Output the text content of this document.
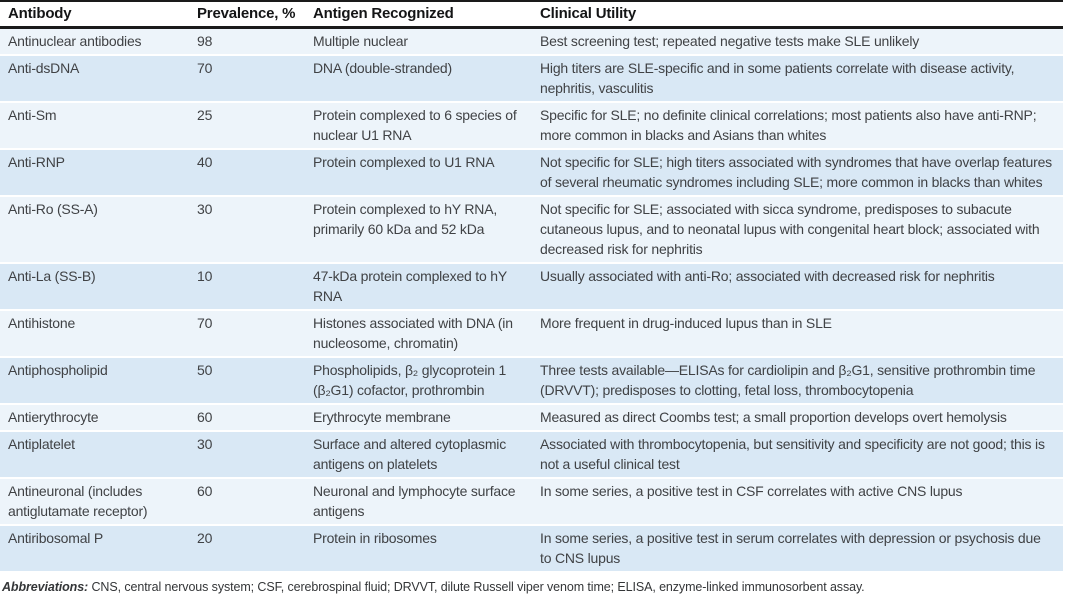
Antibody	Prevalence, %	Antigen Recognized	Clinical Utility
Antinuclear antibodies	98	Multiple nuclear	Best screening test; repeated negative tests make SLE unlikely
Anti-dsDNA	70	DNA (double-stranded)	High titers are SLE-specific and in some patients correlate with disease activity, nephritis, vasculitis
Anti-Sm	25	Protein complexed to 6 species of nuclear U1 RNA	Specific for SLE; no definite clinical correlations; most patients also have anti-RNP; more common in blacks and Asians than whites
Anti-RNP	40	Protein complexed to U1 RNA	Not specific for SLE; high titers associated with syndromes that have overlap features of several rheumatic syndromes including SLE; more common in blacks than whites
Anti-Ro (SS-A)	30	Protein complexed to hY RNA, primarily 60 kDa and 52 kDa	Not specific for SLE; associated with sicca syndrome, predisposes to subacute cutaneous lupus, and to neonatal lupus with congenital heart block; associated with decreased risk for nephritis
Anti-La (SS-B)	10	47-kDa protein complexed to hY RNA	Usually associated with anti-Ro; associated with decreased risk for nephritis
Antihistone	70	Histones associated with DNA (in nucleosome, chromatin)	More frequent in drug-induced lupus than in SLE
Antiphospholipid	50	Phospholipids, β₂ glycoprotein 1 (β₂G1) cofactor, prothrombin	Three tests available—ELISAs for cardiolipin and β₂G1, sensitive prothrombin time (DRVVT); predisposes to clotting, fetal loss, thrombocytopenia
Antierythrocyte	60	Erythrocyte membrane	Measured as direct Coombs test; a small proportion develops overt hemolysis
Antiplatelet	30	Surface and altered cytoplasmic antigens on platelets	Associated with thrombocytopenia, but sensitivity and specificity are not good; this is not a useful clinical test
Antineuronal (includes antiglutamate receptor)	60	Neuronal and lymphocyte surface antigens	In some series, a positive test in CSF correlates with active CNS lupus
Antiribosomal P	20	Protein in ribosomes	In some series, a positive test in serum correlates with depression or psychosis due to CNS lupus
Abbreviations: CNS, central nervous system; CSF, cerebrospinal fluid; DRVVT, dilute Russell viper venom time; ELISA, enzyme-linked immunosorbent assay.
